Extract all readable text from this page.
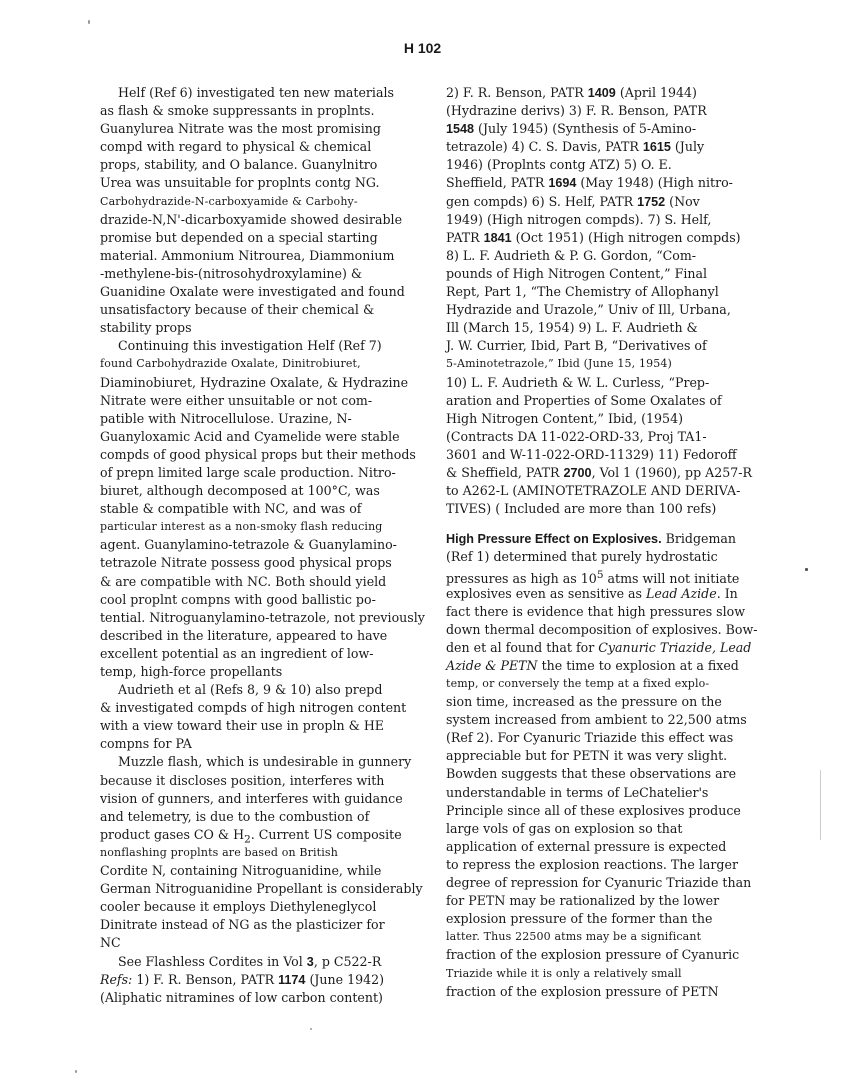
H 102
Helf (Ref 6) investigated ten new materials
as flash & smoke suppressants in proplnts.
Guanylurea Nitrate was the most promising
compd with regard to physical & chemical
props, stability, and O balance. Guanylnitro
Urea was unsuitable for proplnts contg NG.
Carbohydrazide-N-carboxyamide & Carbohy-
drazide-N,N'-dicarboxyamide showed desirable
promise but depended on a special starting
material. Ammonium Nitrourea, Diammonium
-methylene-bis-(nitrosohydroxylamine) &
Guanidine Oxalate were investigated and found
unsatisfactory because of their chemical &
stability props
Continuing this investigation Helf (Ref 7)
found Carbohydrazide Oxalate, Dinitrobiuret,
Diaminobiuret, Hydrazine Oxalate, & Hydrazine
Nitrate were either unsuitable or not com-
patible with Nitrocellulose. Urazine, N-
Guanyloxamic Acid and Cyamelide were stable
compds of good physical props but their methods
of prepn limited large scale production. Nitro-
biuret, although decomposed at 100°C, was
stable & compatible with NC, and was of
particular interest as a non-smoky flash reducing
agent. Guanylamino-tetrazole & Guanylamino-
tetrazole Nitrate possess good physical props
& are compatible with NC. Both should yield
cool proplnt compns with good ballistic po-
tential. Nitroguanylamino-tetrazole, not previously
described in the literature, appeared to have
excellent potential as an ingredient of low-
temp, high-force propellants
Audrieth et al (Refs 8, 9 & 10) also prepd
& investigated compds of high nitrogen content
with a view toward their use in propln & HE
compns for PA
Muzzle flash, which is undesirable in gunnery
because it discloses position, interferes with
vision of gunners, and interferes with guidance
and telemetry, is due to the combustion of
product gases CO & $H_2$. Current US composite
nonflashing proplnts are based on British
Cordite N, containing Nitroguanidine, while
German Nitroguanidine Propellant is considerably
cooler because it employs Diethyleneglycol
Dinitrate instead of NG as the plasticizer for
NC
See Flashless Cordites in Vol 3, p C522-R
Refs: 1) F. R. Benson, PATR 1174 (June 1942)
(Aliphatic nitramines of low carbon content)
2) F. R. Benson, PATR 1409 (April 1944)
(Hydrazine derivs) 3) F. R. Benson, PATR
1548 (July 1945) (Synthesis of 5-Amino-
tetrazole) 4) C. S. Davis, PATR 1615 (July
1946) (Proplnts contg ATZ) 5) O. E.
Sheffield, PATR 1694 (May 1948) (High nitro-
gen compds) 6) S. Helf, PATR 1752 (Nov
1949) (High nitrogen compds). 7) S. Helf,
PATR 1841 (Oct 1951) (High nitrogen compds)
8) L. F. Audrieth & P. G. Gordon, “Com-
pounds of High Nitrogen Content,” Final
Rept, Part 1, “The Chemistry of Allophanyl
Hydrazide and Urazole,” Univ of Ill, Urbana,
Ill (March 15, 1954) 9) L. F. Audrieth &
J. W. Currier, Ibid, Part B, “Derivatives of
5-Aminotetrazole,” Ibid (June 15, 1954)
10) L. F. Audrieth & W. L. Curless, “Prep-
aration and Properties of Some Oxalates of
High Nitrogen Content,” Ibid, (1954)
(Contracts DA 11-022-ORD-33, Proj TA1-
3601 and W-11-022-ORD-11329) 11) Fedoroff
& Sheffield, PATR 2700, Vol 1 (1960), pp A257-R
to A262-L (AMINOTETRAZOLE AND DERIVA-
TIVES) ( Included are more than 100 refs)
High Pressure Effect on Explosives. Bridgeman
(Ref 1) determined that purely hydrostatic
pressures as high as $10^5$ atms will not initiate
explosives even as sensitive as Lead Azide. In
fact there is evidence that high pressures slow
down thermal decomposition of explosives. Bow-
den et al found that for Cyanuric Triazide, Lead
Azide & PETN the time to explosion at a fixed
temp, or conversely the temp at a fixed explo-
sion time, increased as the pressure on the
system increased from ambient to 22,500 atms
(Ref 2). For Cyanuric Triazide this effect was
appreciable but for PETN it was very slight.
Bowden suggests that these observations are
understandable in terms of LeChatelier's
Principle since all of these explosives produce
large vols of gas on explosion so that
application of external pressure is expected
to repress the explosion reactions. The larger
degree of repression for Cyanuric Triazide than
for PETN may be rationalized by the lower
explosion pressure of the former than the
latter. Thus 22500 atms may be a significant
fraction of the explosion pressure of Cyanuric
Triazide while it is only a relatively small
fraction of the explosion pressure of PETN
